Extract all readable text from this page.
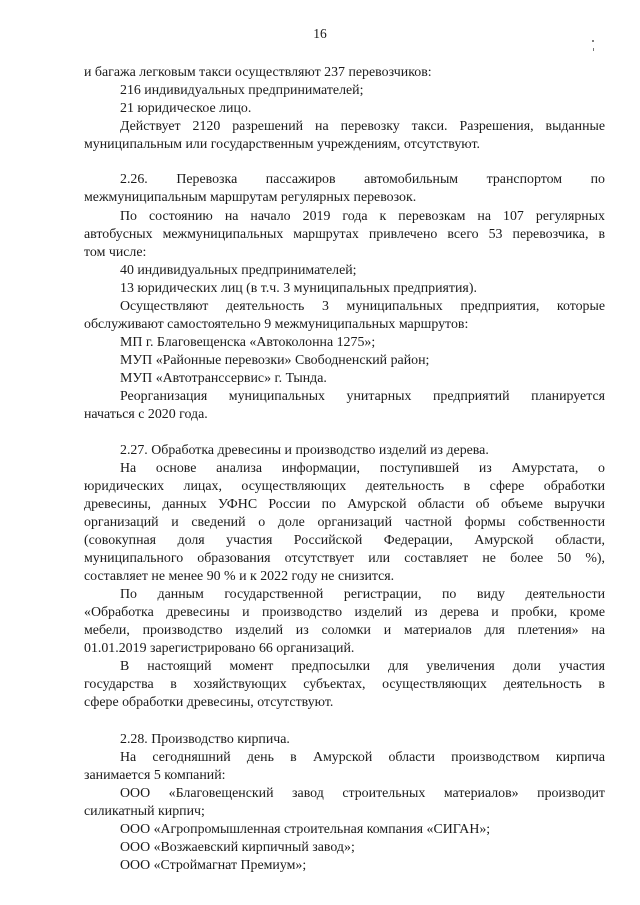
16
и багажа легковым такси осуществляют 237 перевозчиков:
216 индивидуальных предпринимателей;
21 юридическое лицо.
Действует 2120 разрешений на перевозку такси. Разрешения, выданные
муниципальным или государственным учреждениям, отсутствуют.
2.26. Перевозка пассажиров автомобильным транспортом по
межмуниципальным маршрутам регулярных перевозок.
По состоянию на начало 2019 года к перевозкам на 107 регулярных
автобусных межмуниципальных маршрутах привлечено всего 53 перевозчика, в
том числе:
40 индивидуальных предпринимателей;
13 юридических лиц (в т.ч. 3 муниципальных предприятия).
Осуществляют деятельность 3 муниципальных предприятия, которые
обслуживают самостоятельно 9 межмуниципальных маршрутов:
МП г. Благовещенска «Автоколонна 1275»;
МУП «Районные перевозки» Свободненский район;
МУП «Автотранссервис» г. Тында.
Реорганизация муниципальных унитарных предприятий планируется
начаться с 2020 года.
2.27. Обработка древесины и производство изделий из дерева.
На основе анализа информации, поступившей из Амурстата, о
юридических лицах, осуществляющих деятельность в сфере обработки
древесины, данных УФНС России по Амурской области об объеме выручки
организаций и сведений о доле организаций частной формы собственности
(совокупная доля участия Российской Федерации, Амурской области,
муниципального образования отсутствует или составляет не более 50 %),
составляет не менее 90 % и к 2022 году не снизится.
По данным государственной регистрации, по виду деятельности
«Обработка древесины и производство изделий из дерева и пробки, кроме
мебели, производство изделий из соломки и материалов для плетения» на
01.01.2019 зарегистрировано 66 организаций.
В настоящий момент предпосылки для увеличения доли участия
государства в хозяйствующих субъектах, осуществляющих деятельность в
сфере обработки древесины, отсутствуют.
2.28. Производство кирпича.
На сегодняшний день в Амурской области производством кирпича
занимается 5 компаний:
ООО «Благовещенский завод строительных материалов» производит
силикатный кирпич;
ООО «Агропромышленная строительная компания «СИГАН»;
ООО «Возжаевский кирпичный завод»;
ООО «Строймагнат Премиум»;
